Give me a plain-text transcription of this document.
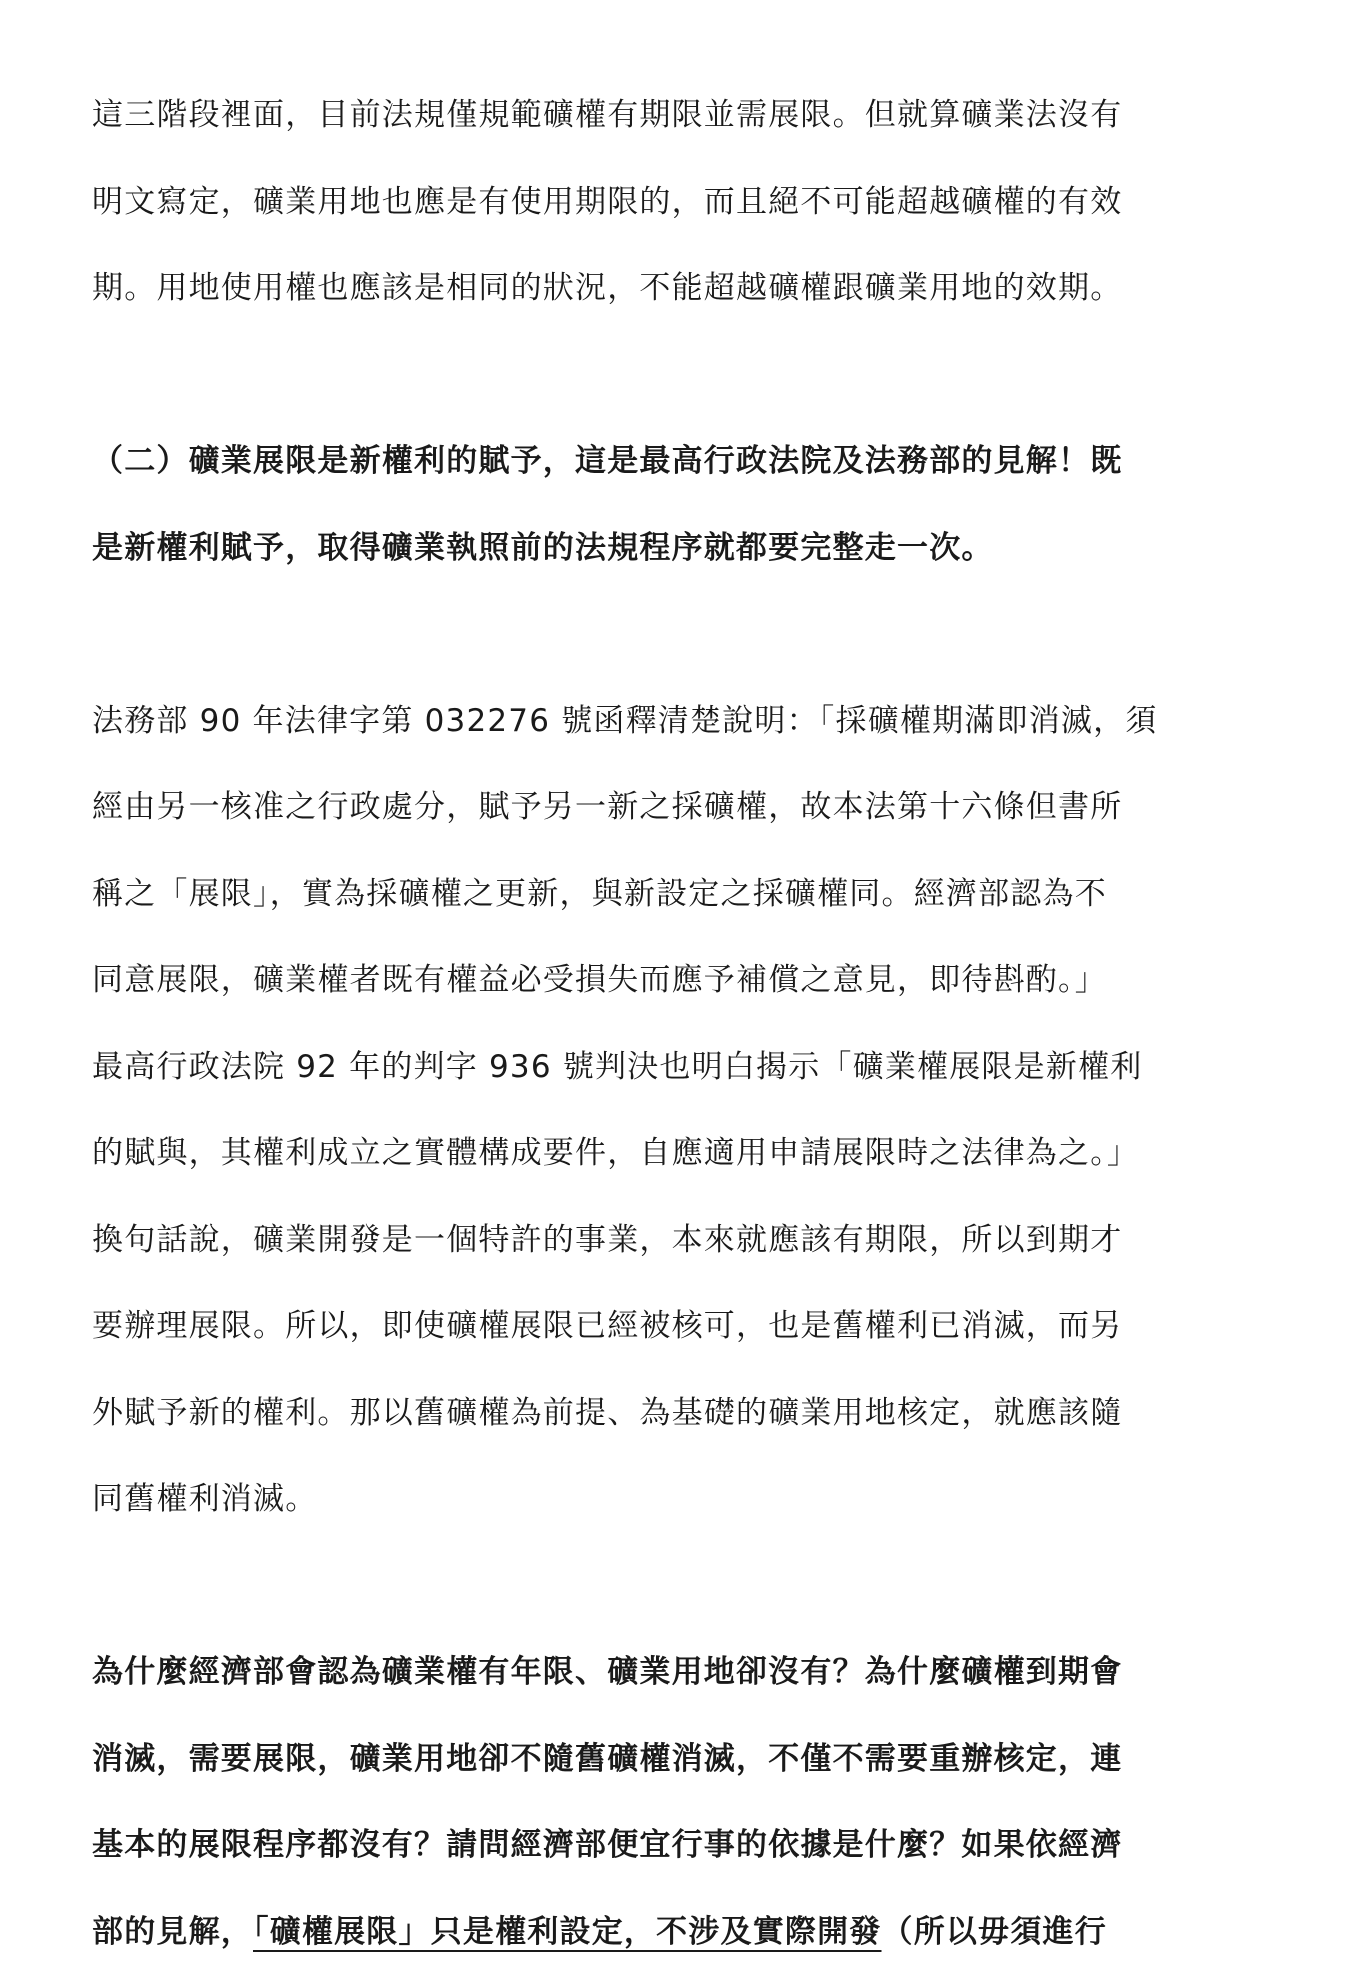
這三階段裡面，目前法規僅規範礦權有期限並需展限。但就算礦業法沒有
明文寫定，礦業用地也應是有使用期限的，而且絕不可能超越礦權的有效
期。用地使用權也應該是相同的狀況，不能超越礦權跟礦業用地的效期。
（二）礦業展限是新權利的賦予，這是最高行政法院及法務部的見解！既
是新權利賦予，取得礦業執照前的法規程序就都要完整走一次。
法務部 90 年法律字第 032276 號函釋清楚說明：「採礦權期滿即消滅，須
經由另一核准之行政處分，賦予另一新之採礦權，故本法第十六條但書所
稱之「展限」，實為採礦權之更新，與新設定之採礦權同。經濟部認為不
同意展限，礦業權者既有權益必受損失而應予補償之意見，即待斟酌。」
最高行政法院 92 年的判字 936 號判決也明白揭示「礦業權展限是新權利
的賦與，其權利成立之實體構成要件，自應適用申請展限時之法律為之。」
換句話說，礦業開發是一個特許的事業，本來就應該有期限，所以到期才
要辦理展限。所以，即使礦權展限已經被核可，也是舊權利已消滅，而另
外賦予新的權利。那以舊礦權為前提、為基礎的礦業用地核定，就應該隨
同舊權利消滅。
為什麼經濟部會認為礦業權有年限、礦業用地卻沒有？為什麼礦權到期會
消滅，需要展限，礦業用地卻不隨舊礦權消滅，不僅不需要重辦核定，連
基本的展限程序都沒有？請問經濟部便宜行事的依據是什麼？如果依經濟
部的見解，「礦權展限」只是權利設定，不涉及實際開發（所以毋須進行
